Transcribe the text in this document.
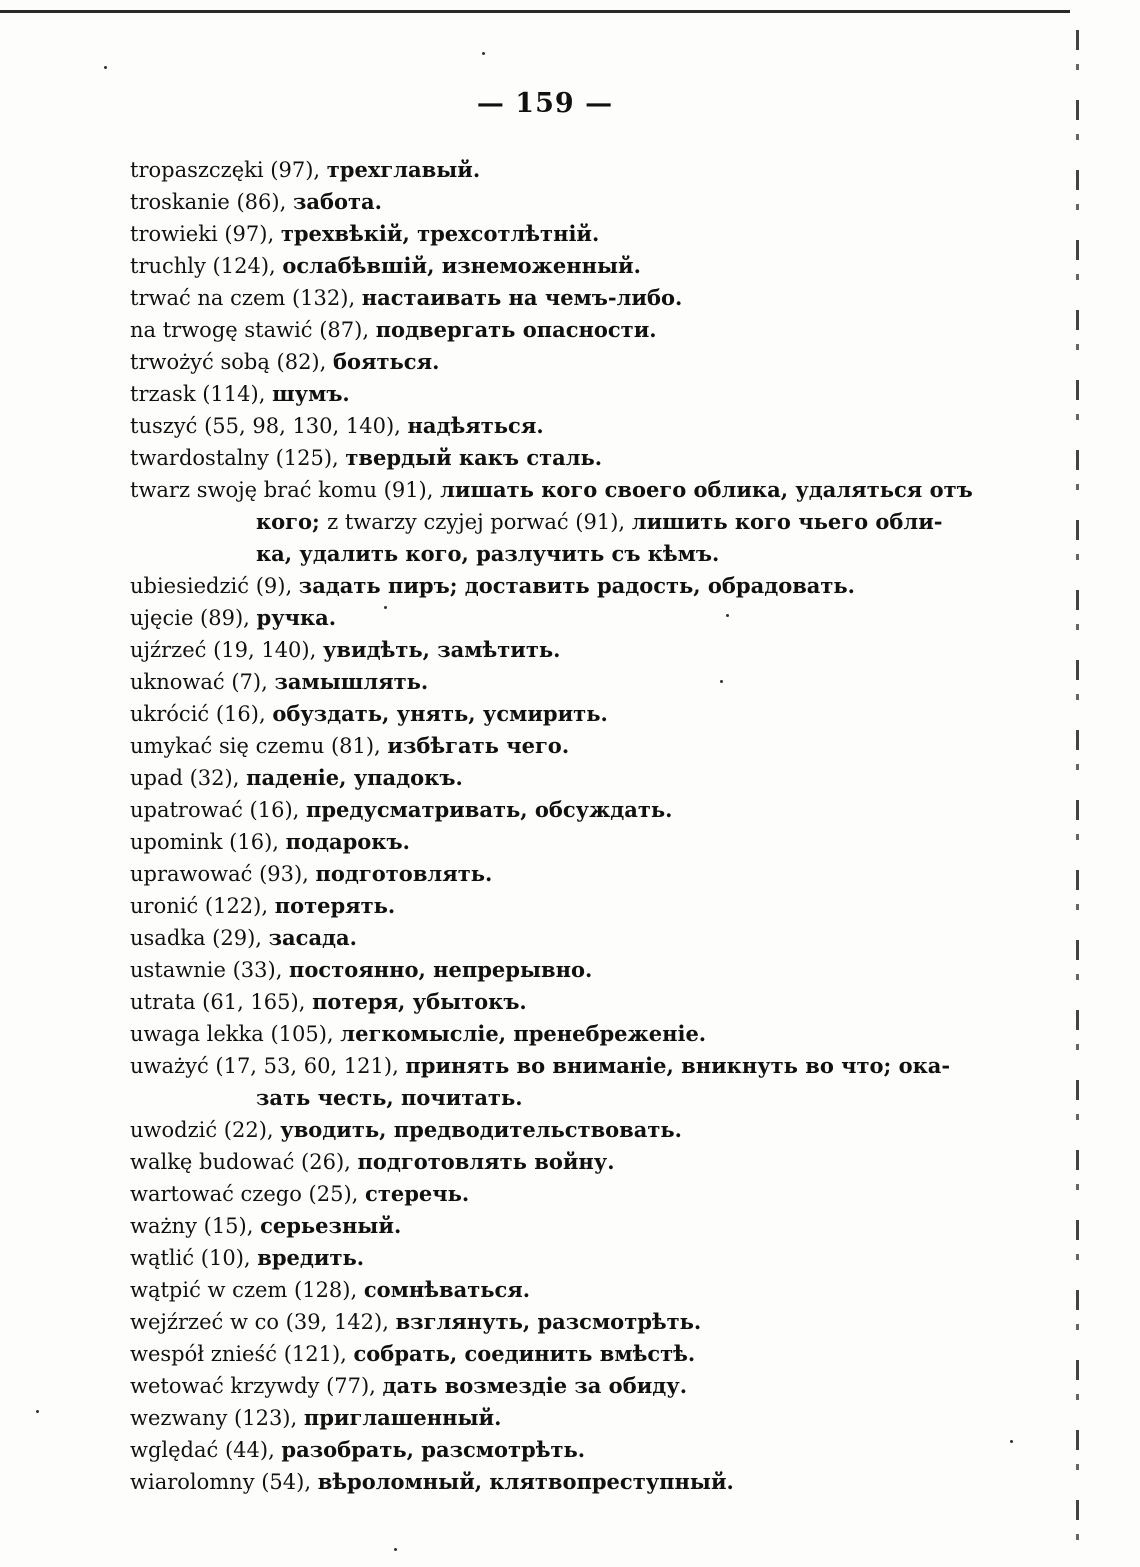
— 159 —
tropaszczęki (97), трехглавый.
troskanie (86), забота.
trowieki (97), трехвѣкій, трехсотлѣтній.
truchly (124), ослабѣвшій, изнеможенный.
trwać na czem (132), настаивать на чемъ-либо.
na trwogę stawić (87), подвергать опасности.
trwożyć sobą (82), бояться.
trzask (114), шумъ.
tuszyć (55, 98, 130, 140), надѣяться.
twardostalny (125), твердый какъ сталь.
twarz swoję brać komu (91), лишать кого своего облика, удаляться отъ
кого; z twarzy czyjej porwać (91), лишить кого чьего обли-
ка, удалить кого, разлучить съ кѣмъ.
ubiesiedzić (9), задать пиръ; доставить радость, обрадовать.
ujęcie (89), ручка.
ujźrzeć (19, 140), увидѣть, замѣтить.
uknować (7), замышлять.
ukrócić (16), обуздать, унять, усмирить.
umykać się czemu (81), избѣгать чего.
upad (32), паденіе, упадокъ.
upatrować (16), предусматривать, обсуждать.
upomink (16), подарокъ.
uprawować (93), подготовлять.
uronić (122), потерять.
usadka (29), засада.
ustawnie (33), постоянно, непрерывно.
utrata (61, 165), потеря, убытокъ.
uwaga lekka (105), легкомысліе, пренебреженіе.
uważyć (17, 53, 60, 121), принять во вниманіе, вникнуть во что; ока-
зать честь, почитать.
uwodzić (22), уводить, предводительствовать.
walkę budować (26), подготовлять войну.
wartować czego (25), стеречь.
ważny (15), серьезный.
wątlić (10), вредить.
wątpić w czem (128), сомнѣваться.
wejźrzeć w co (39, 142), взглянуть, разсмотрѣть.
wespół znieść (121), собрать, соединить вмѣстѣ.
wetować krzywdy (77), дать возмездіе за обиду.
wezwany (123), приглашенный.
wględać (44), разобрать, разсмотрѣть.
wiarolomny (54), вѣроломный, клятвопреступный.
